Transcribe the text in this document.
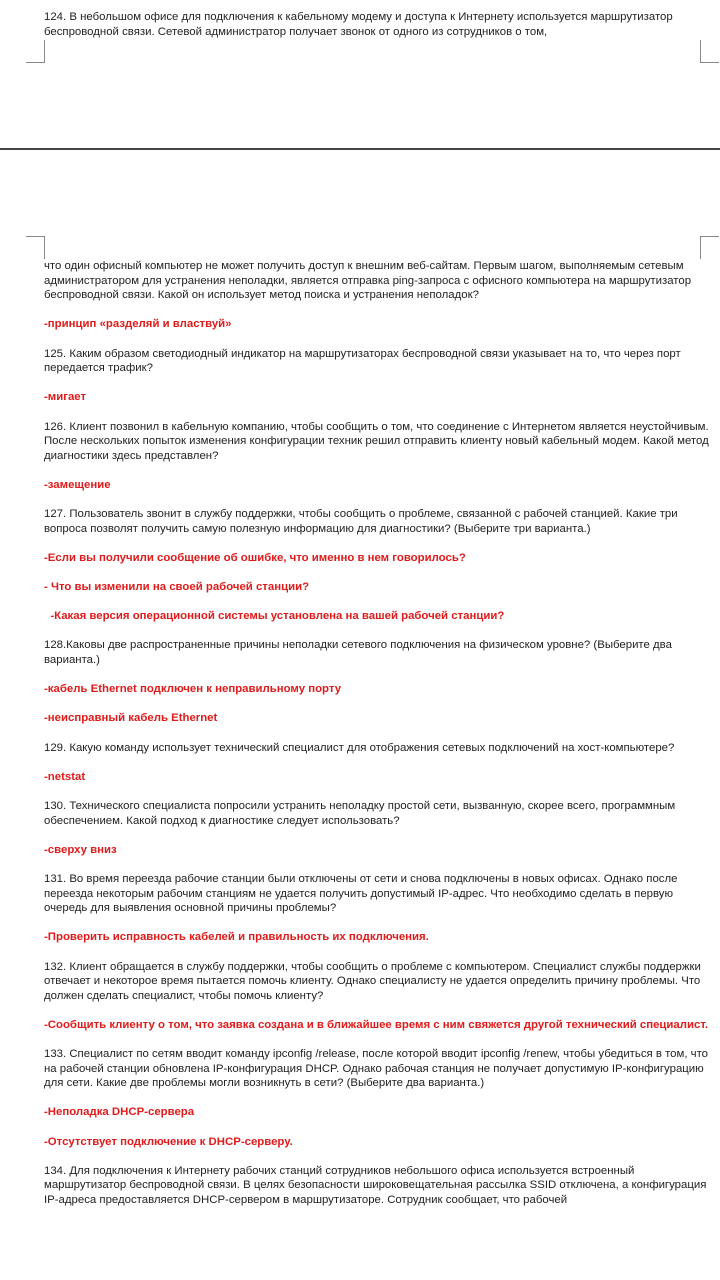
124. В небольшом офисе для подключения к кабельному модему и доступа к Интернету используется маршрутизатор беспроводной связи. Сетевой администратор получает звонок от одного из сотрудников о том,

что один офисный компьютер не может получить доступ к внешним веб-сайтам. Первым шагом, выполняемым сетевым администратором для устранения неполадки, является отправка ping-запроса с офисного компьютера на маршрутизатор беспроводной связи. Какой он использует метод поиска и устранения неполадок?

-принцип «разделяй и властвуй»

125. Каким образом светодиодный индикатор на маршрутизаторах беспроводной связи указывает на то, что через порт передается трафик?

-мигает

126. Клиент позвонил в кабельную компанию, чтобы сообщить о том, что соединение с Интернетом является неустойчивым. После нескольких попыток изменения конфигурации техник решил отправить клиенту новый кабельный модем. Какой метод диагностики здесь представлен?

-замещение

127. Пользователь звонит в службу поддержки, чтобы сообщить о проблеме, связанной с рабочей станцией. Какие три вопроса позволят получить самую полезную информацию для диагностики? (Выберите три варианта.)

-Если вы получили сообщение об ошибке, что именно в нем говорилось?

- Что вы изменили на своей рабочей станции?

-Какая версия операционной системы установлена на вашей рабочей станции?

128.Каковы две распространенные причины неполадки сетевого подключения на физическом уровне? (Выберите два варианта.)

-кабель Ethernet подключен к неправильному порту

-неисправный кабель Ethernet

129. Какую команду использует технический специалист для отображения сетевых подключений на хост-компьютере?

-netstat

130. Технического специалиста попросили устранить неполадку простой сети, вызванную, скорее всего, программным обеспечением. Какой подход к диагностике следует использовать?

-сверху вниз

131. Во время переезда рабочие станции были отключены от сети и снова подключены в новых офисах. Однако после переезда некоторым рабочим станциям не удается получить допустимый IP-адрес. Что необходимо сделать в первую очередь для выявления основной причины проблемы?

-Проверить исправность кабелей и правильность их подключения.

132. Клиент обращается в службу поддержки, чтобы сообщить о проблеме с компьютером. Специалист службы поддержки отвечает и некоторое время пытается помочь клиенту. Однако специалисту не удается определить причину проблемы. Что должен сделать специалист, чтобы помочь клиенту?

-Сообщить клиенту о том, что заявка создана и в ближайшее время с ним свяжется другой технический специалист.

133. Специалист по сетям вводит команду ipconfig /release, после которой вводит ipconfig /renew, чтобы убедиться в том, что на рабочей станции обновлена IP-конфигурация DHCP. Однако рабочая станция не получает допустимую IP-конфигурацию для сети. Какие две проблемы могли возникнуть в сети? (Выберите два варианта.)

-Неполадка DHCP-сервера

-Отсутствует подключение к DHCP-серверу.

134. Для подключения к Интернету рабочих станций сотрудников небольшого офиса используется встроенный маршрутизатор беспроводной связи. В целях безопасности широковещательная рассылка SSID отключена, а конфигурация IP-адреса предоставляется DHCP-сервером в маршрутизаторе. Сотрудник сообщает, что рабочей
